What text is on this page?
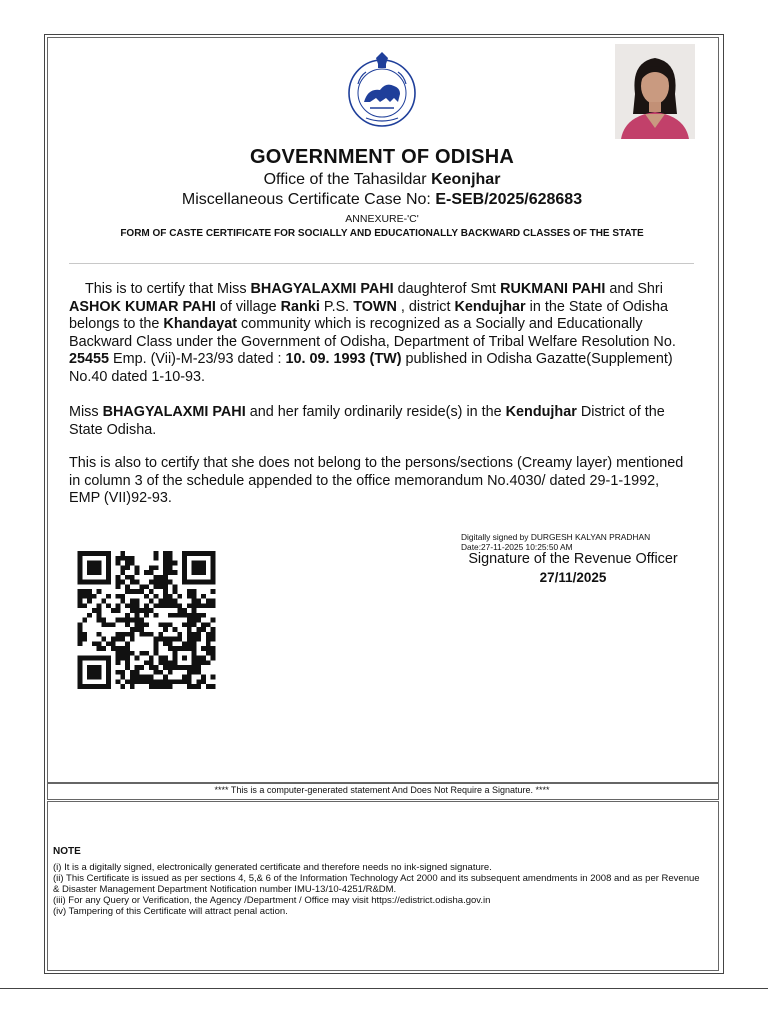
GOVERNMENT OF ODISHA
Office of the Tahasildar Keonjhar
Miscellaneous Certificate Case No: E-SEB/2025/628683
ANNEXURE-'C'
FORM OF CASTE CERTIFICATE FOR SOCIALLY AND EDUCATIONALLY BACKWARD CLASSES OF THE STATE
This is to certify that Miss BHAGYALAXMI PAHI daughterof Smt RUKMANI PAHI and Shri ASHOK KUMAR PAHI of village Ranki P.S. TOWN , district Kendujhar in the State of Odisha belongs to the Khandayat community which is recognized as a Socially and Educationally Backward Class under the Government of Odisha, Department of Tribal Welfare Resolution No. 25455 Emp. (Vii)-M-23/93 dated : 10. 09. 1993 (TW) published in Odisha Gazatte(Supplement) No.40 dated 1-10-93.
Miss BHAGYALAXMI PAHI and her family ordinarily reside(s) in the Kendujhar District of the State Odisha.
This is also to certify that she does not belong to the persons/sections (Creamy layer) mentioned in column 3 of the schedule appended to the office memorandum No.4030/ dated 29-1-1992, EMP (VII)92-93.
Digitally signed by DURGESH KALYAN PRADHAN
Date:27-11-2025 10:25:50 AM
Signature of the Revenue Officer
27/11/2025
**** This is a computer-generated statement And Does Not Require a Signature. ****
NOTE
(i) It is a digitally signed, electronically generated certificate and therefore needs no ink-signed signature.
(ii) This Certificate is issued as per sections 4, 5,& 6 of the Information Technology Act 2000 and its subsequent amendments in 2008 and as per Revenue & Disaster Management Department Notification number IMU-13/10-4251/R&DM.
(iii) For any Query or Verification, the Agency /Department / Office may visit https://edistrict.odisha.gov.in
(iv) Tampering of this Certificate will attract penal action.
